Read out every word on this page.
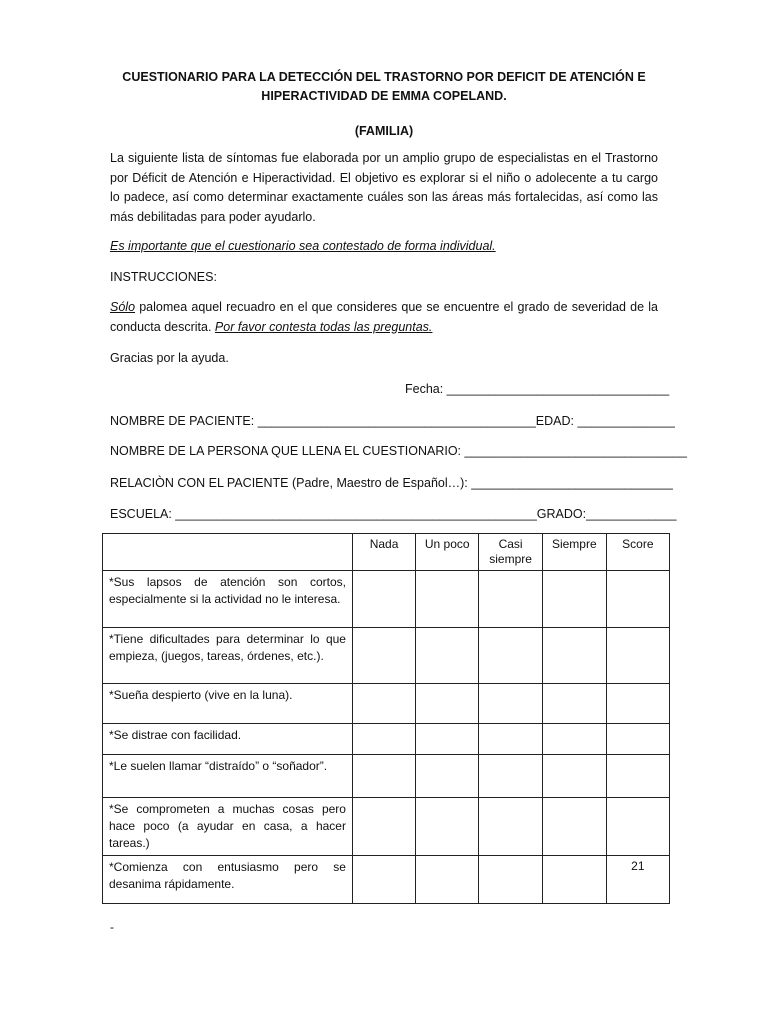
CUESTIONARIO PARA LA DETECCIÓN DEL TRASTORNO POR DEFICIT DE ATENCIÓN E
HIPERACTIVIDAD DE EMMA COPELAND.
(FAMILIA)
La siguiente lista de síntomas fue elaborada por un amplio grupo de especialistas en el Trastorno por Déficit de Atención e Hiperactividad. El objetivo es explorar si el niño o adolecente a tu cargo lo padece, así como determinar exactamente cuáles son las áreas más fortalecidas, así como las más debilitadas para poder ayudarlo.
Es importante que el cuestionario sea contestado de forma individual.
INSTRUCCIONES:
Sólo palomea aquel recuadro en el que consideres que se encuentre el grado de severidad de la conducta descrita. Por favor contesta todas las preguntas.
Gracias por la ayuda.
Fecha: ________________________________
NOMBRE DE PACIENTE: ________________________________________EDAD: ______________
NOMBRE DE LA PERSONA QUE LLENA EL CUESTIONARIO: ________________________________
RELACIÒN CON EL PACIENTE (Padre, Maestro de Español…): _____________________________
ESCUELA: ____________________________________________________GRADO:_____________
	Nada	Un poco	Casi siempre	Siempre	Score
*Sus lapsos de atención son cortos, especialmente si la actividad no le interesa.					
*Tiene dificultades para determinar lo que empieza, (juegos, tareas, órdenes, etc.).					
*Sueña despierto (vive en la luna).					
*Se distrae con facilidad.					
*Le suelen llamar “distraído” o “soñador”.					
*Se comprometen a muchas cosas pero hace poco (a ayudar en casa, a hacer tareas.)					
*Comienza con entusiasmo pero se desanima rápidamente.					21
-
